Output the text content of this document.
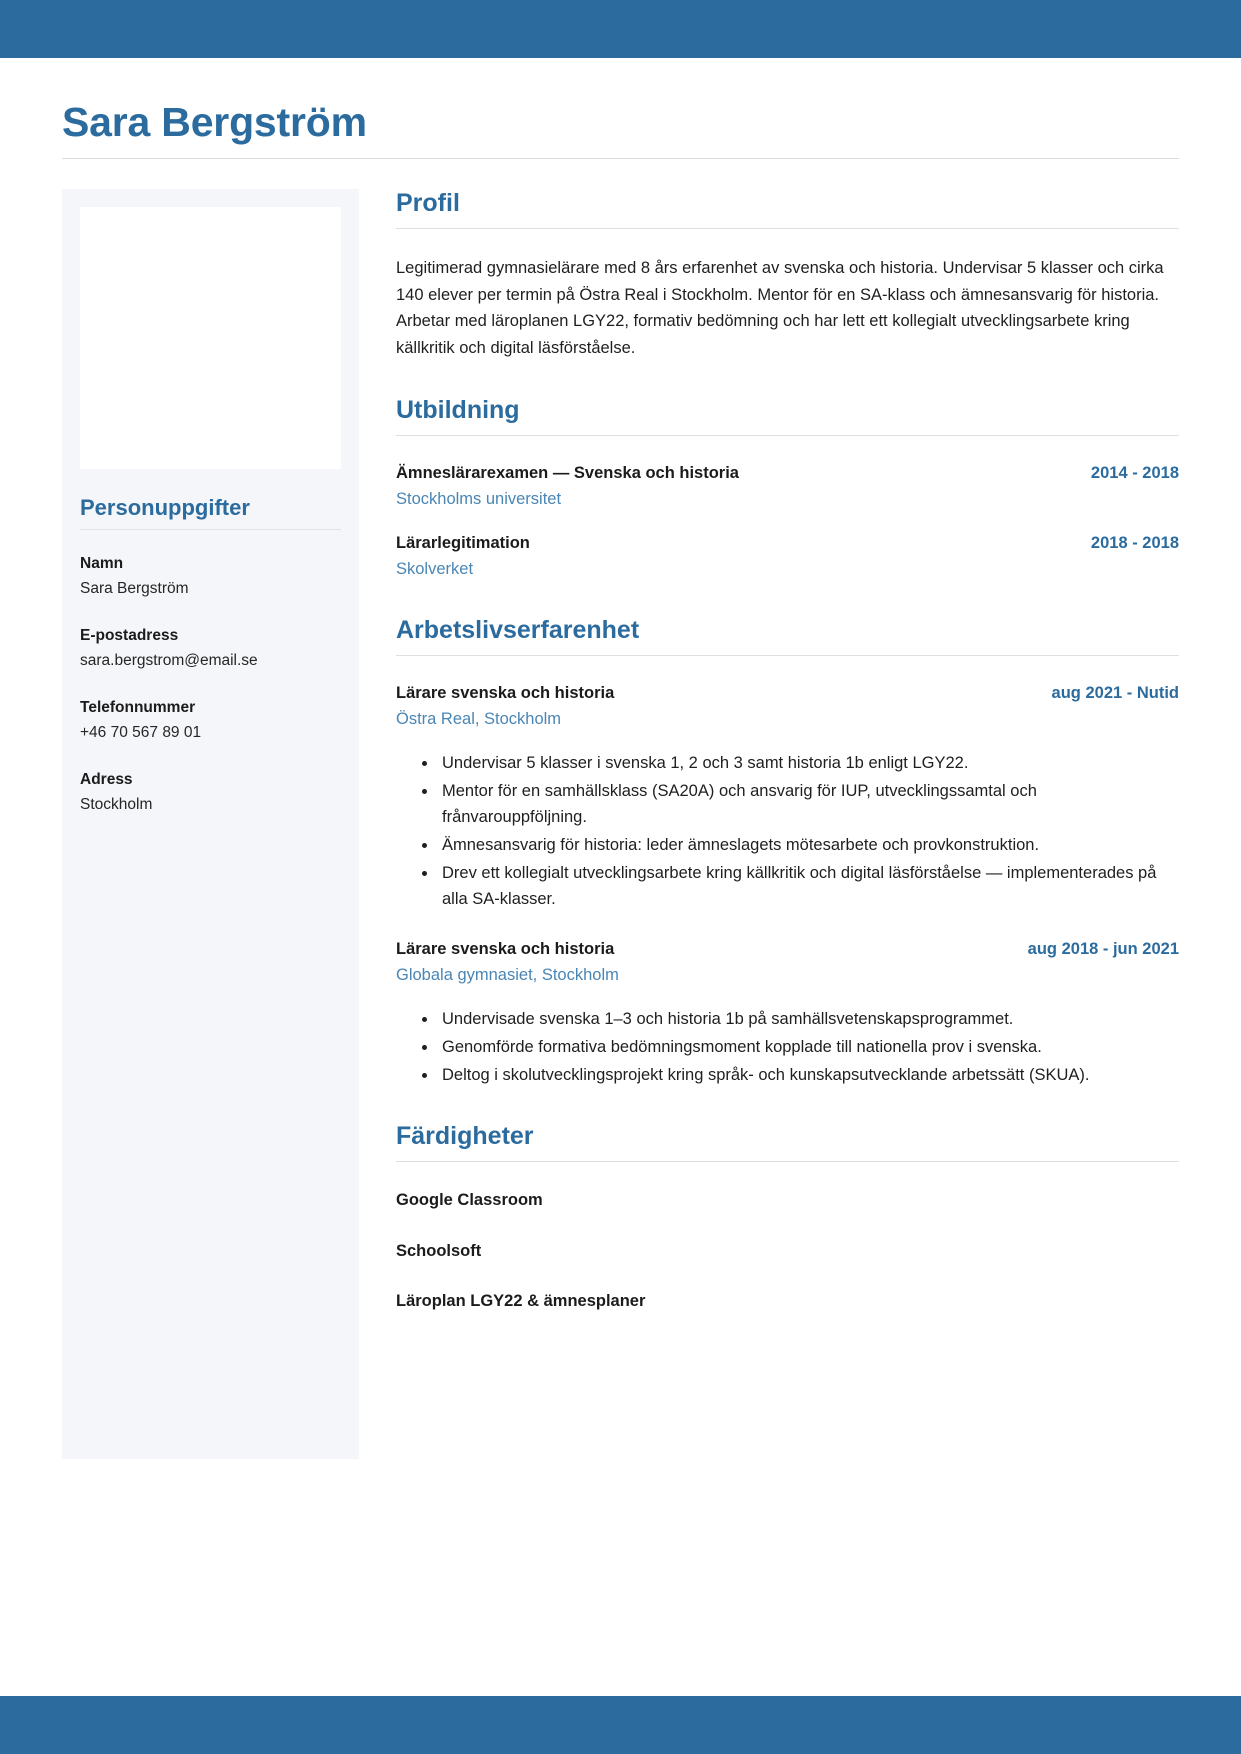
Sara Bergström
Personuppgifter
Namn
Sara Bergström
E-postadress
sara.bergstrom@email.se
Telefonnummer
+46 70 567 89 01
Adress
Stockholm
Profil

Legitimerad gymnasielärare med 8 års erfarenhet av svenska och historia. Undervisar 5 klasser och cirka 140 elever per termin på Östra Real i Stockholm. Mentor för en SA-klass och ämnesansvarig för historia. Arbetar med läroplanen LGY22, formativ bedömning och har lett ett kollegialt utvecklingsarbete kring källkritik och digital läsförståelse.

Utbildning
Ämneslärarexamen — Svenska och historia	2014 - 2018
Stockholms universitet
Lärarlegitimation	2018 - 2018
Skolverket
Arbetslivserfarenhet
Lärare svenska och historia	aug 2021 - Nutid
Östra Real, Stockholm
• Undervisar 5 klasser i svenska 1, 2 och 3 samt historia 1b enligt LGY22.
• Mentor för en samhällsklass (SA20A) och ansvarig för IUP, utvecklingssamtal och frånvarouppföljning.
• Ämnesansvarig för historia: leder ämneslagets mötesarbete och provkonstruktion.
• Drev ett kollegialt utvecklingsarbete kring källkritik och digital läsförståelse — implementerades på alla SA-klasser.
Lärare svenska och historia	aug 2018 - jun 2021
Globala gymnasiet, Stockholm
• Undervisade svenska 1–3 och historia 1b på samhällsvetenskapsprogrammet.
• Genomförde formativa bedömningsmoment kopplade till nationella prov i svenska.
• Deltog i skolutvecklingsprojekt kring språk- och kunskapsutvecklande arbetssätt (SKUA).
Färdigheter
Google Classroom
Schoolsoft
Läroplan LGY22 & ämnesplaner
